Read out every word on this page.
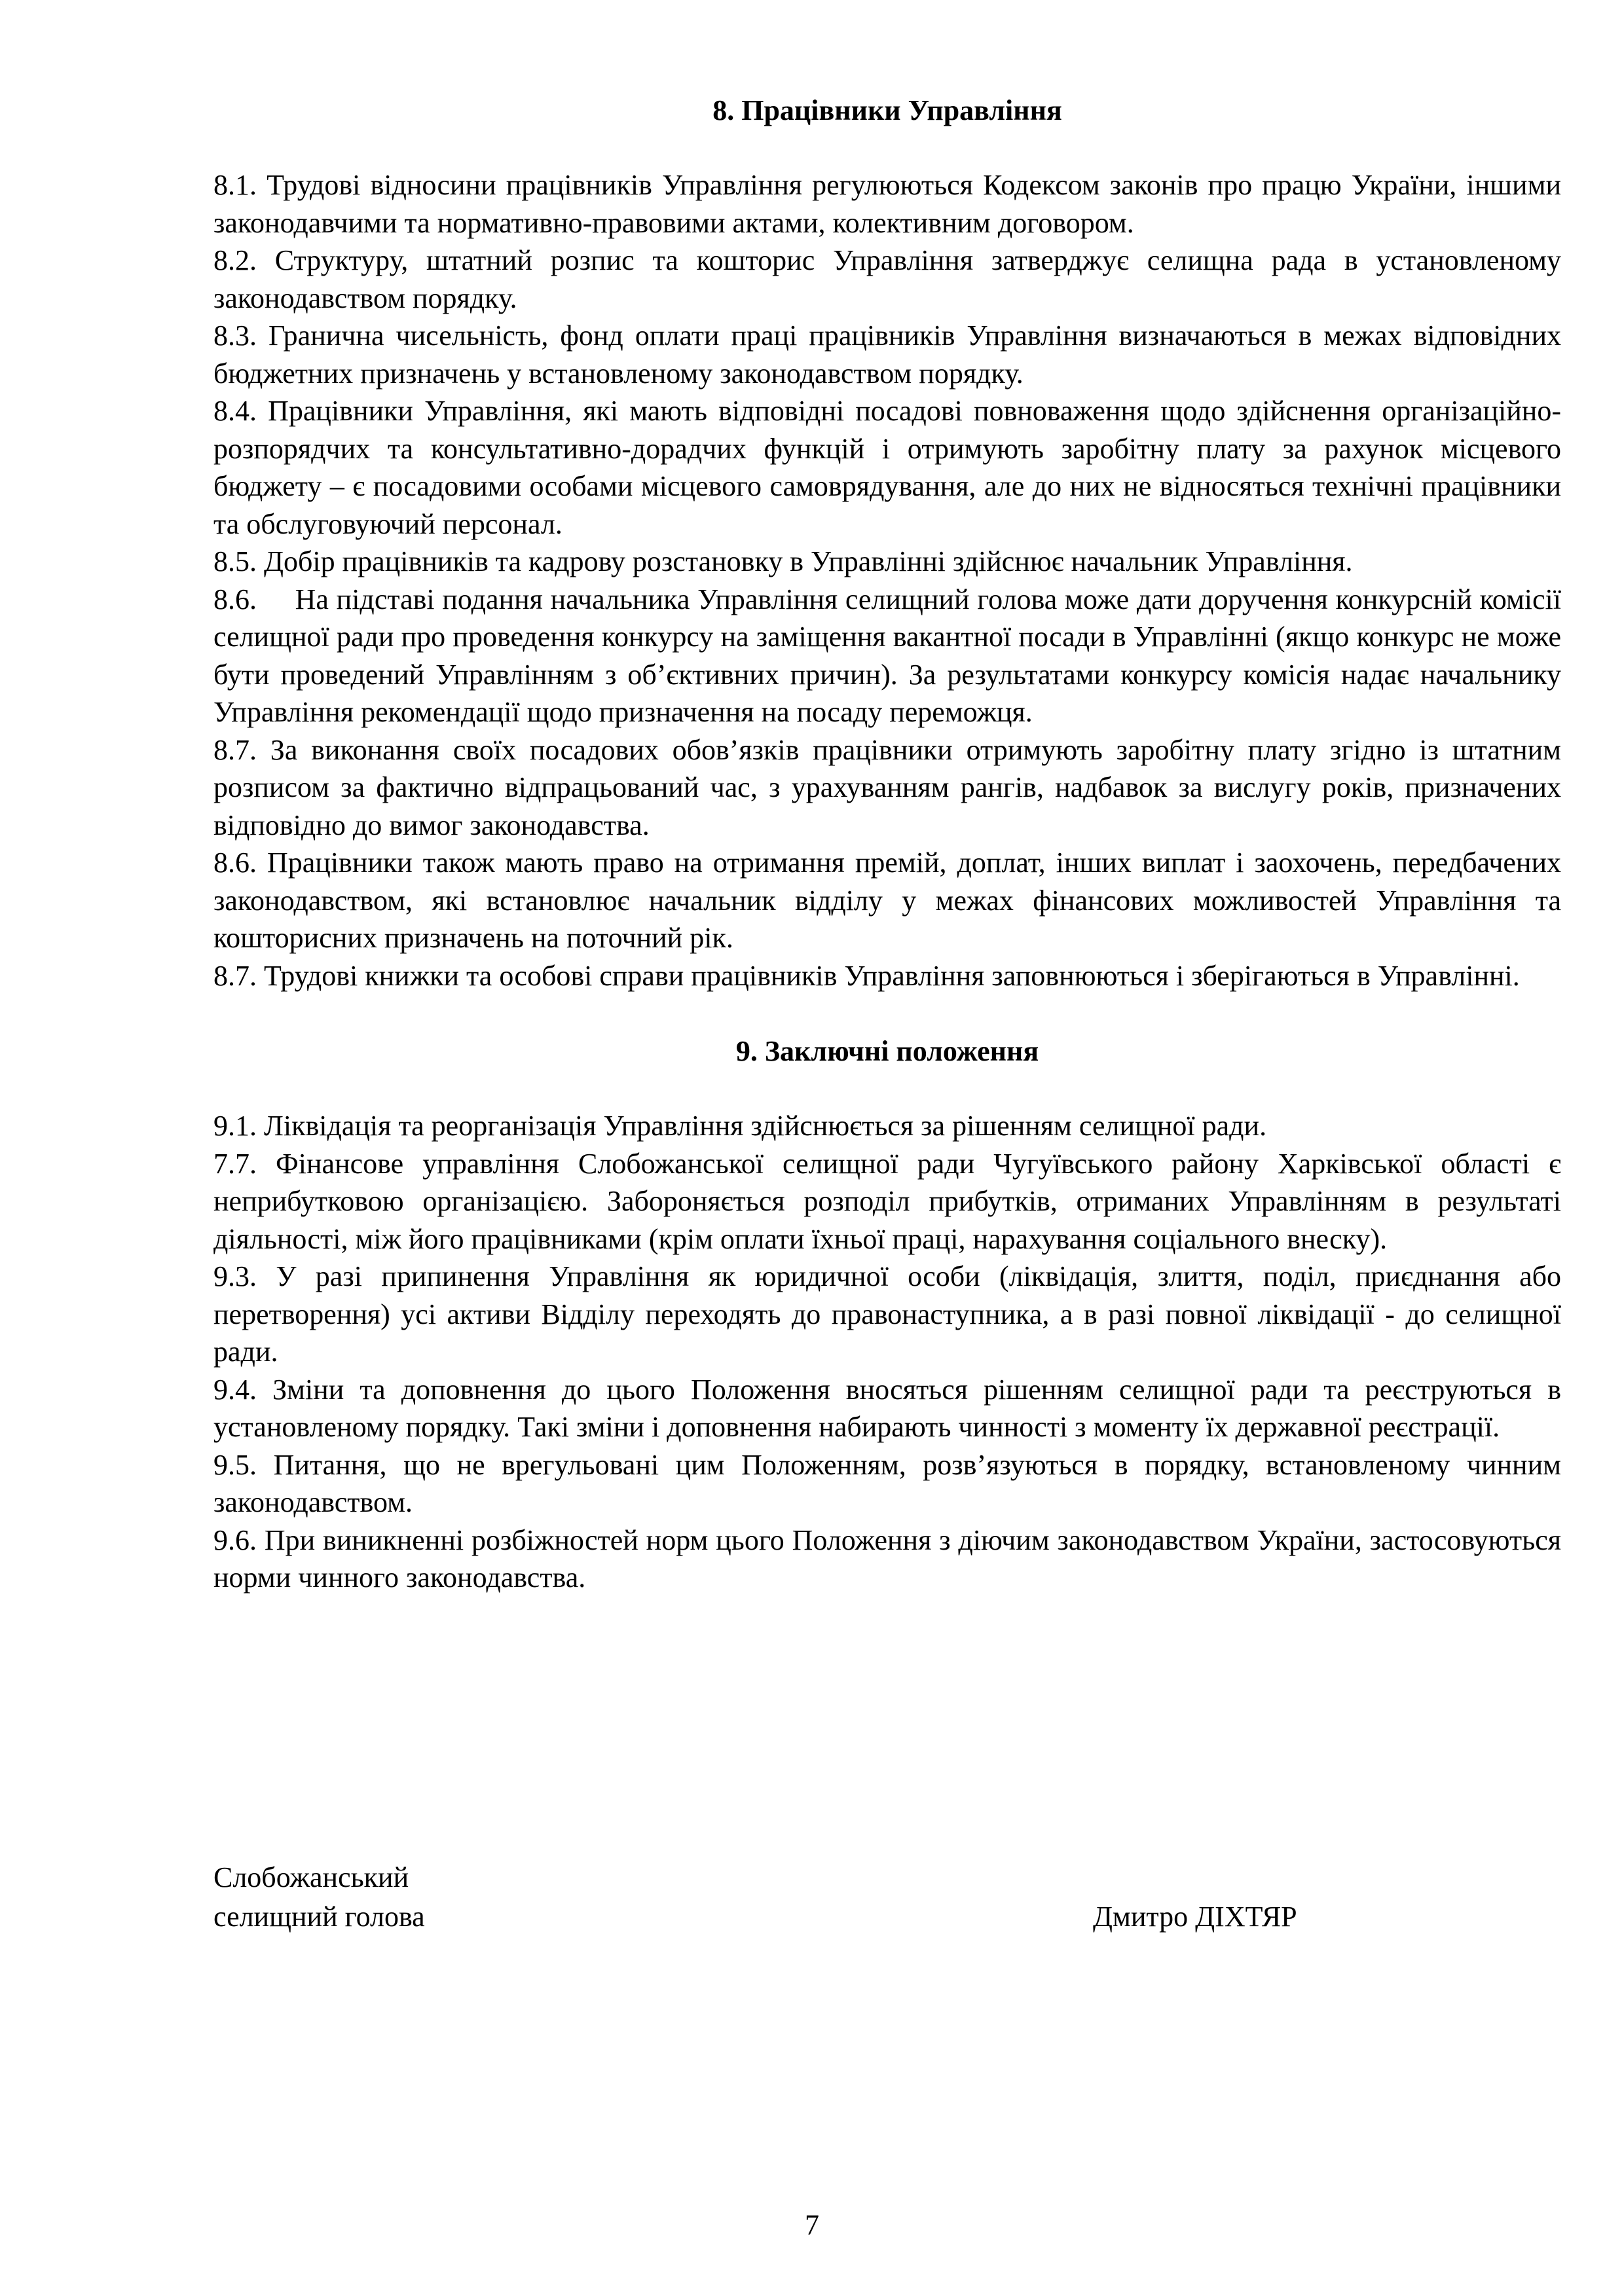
8. Працівники Управління

8.1. Трудові відносини працівників Управління регулюються Кодексом законів про працю України, іншими законодавчими та нормативно-правовими актами, колективним договором.

8.2. Структуру, штатний розпис та кошторис Управління затверджує селищна рада в установленому законодавством порядку.

8.3. Гранична чисельність, фонд оплати праці працівників Управління визначаються в межах відповідних бюджетних призначень у встановленому законодавством порядку.

8.4. Працівники Управління, які мають відповідні посадові повноваження щодо здійснення організаційно-розпорядчих та консультативно-дорадчих функцій і отримують заробітну плату за рахунок місцевого бюджету – є посадовими особами місцевого самоврядування, але до них не відносяться технічні працівники та обслуговуючий персонал.

8.5. Добір працівників та кадрову розстановку в Управлінні здійснює начальник Управління.

8.6.     На підставі подання начальника Управління селищний голова може дати доручення конкурсній комісії селищної ради про проведення конкурсу на заміщення вакантної посади в Управлінні (якщо конкурс не може бути проведений Управлінням з об’єктивних причин). За результатами конкурсу комісія надає начальнику Управління рекомендації щодо призначення на посаду переможця.

8.7. За виконання своїх посадових обов’язків працівники отримують заробітну плату згідно із штатним розписом за фактично відпрацьований час, з урахуванням рангів, надбавок за вислугу років, призначених відповідно до вимог законодавства.

8.6. Працівники також мають право на отримання премій, доплат, інших виплат і заохочень, передбачених законодавством, які встановлює начальник відділу у межах фінансових можливостей Управління та кошторисних призначень на поточний рік.

8.7. Трудові книжки та особові справи працівників Управління заповнюються і зберігаються в Управлінні.

9. Заключні положення

9.1. Ліквідація та реорганізація Управління здійснюється за рішенням селищної ради.

7.7. Фінансове управління Слобожанської селищної ради Чугуївського району Харківської області є неприбутковою організацією. Забороняється розподіл прибутків, отриманих Управлінням в результаті діяльності, між його працівниками (крім оплати їхньої праці, нарахування соціального внеску).

9.3. У разі припинення Управління як юридичної особи (ліквідація, злиття, поділ, приєднання або перетворення) усі активи Відділу переходять до правонаступника, а в разі повної ліквідації - до селищної ради.

9.4. Зміни та доповнення до цього Положення вносяться рішенням селищної ради та реєструються в установленому порядку. Такі зміни і доповнення набирають чинності з моменту їх державної реєстрації.

9.5. Питання, що не врегульовані цим Положенням, розв’язуються в порядку, встановленому чинним законодавством.

9.6. При виникненні розбіжностей норм цього Положення з діючим законодавством України, застосовуються норми чинного законодавства.

Слобожанський
селищний голова	Дмитро ДІХТЯР
7
